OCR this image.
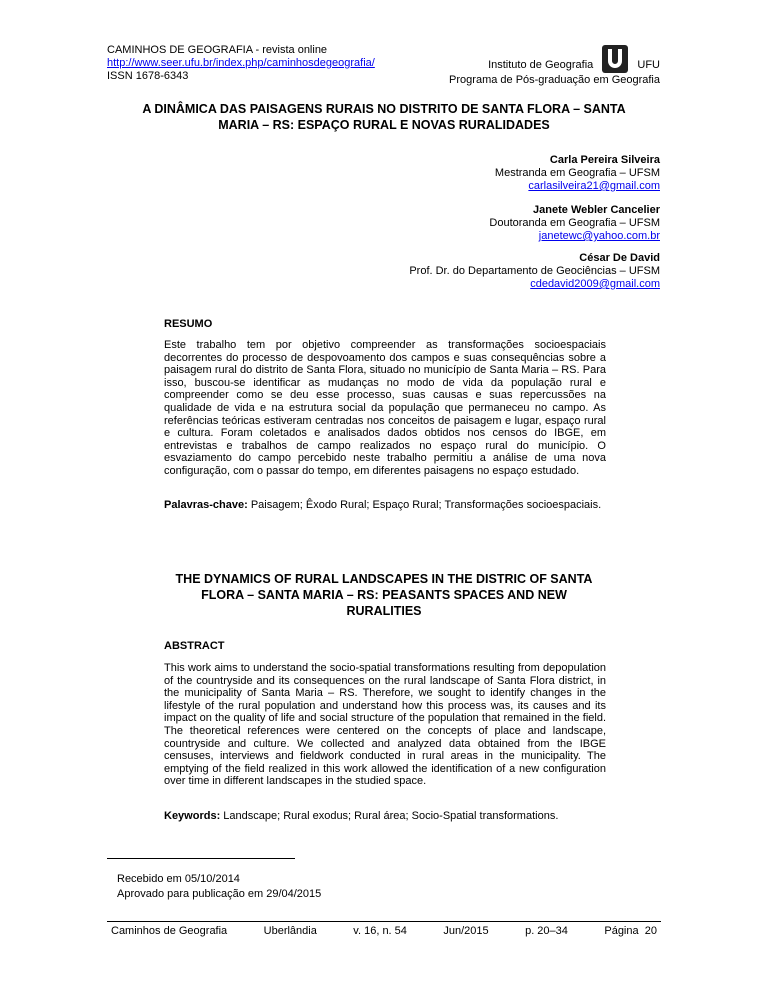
CAMINHOS DE GEOGRAFIA - revista online
http://www.seer.ufu.br/index.php/caminhosdegeografia/
ISSN 1678-6343
Instituto de Geografia	UFU
Programa de Pós-graduação em Geografia
A DINÂMICA DAS PAISAGENS RURAIS NO DISTRITO DE SANTA FLORA – SANTA
MARIA – RS: ESPAÇO RURAL E NOVAS RURALIDADES
Carla Pereira Silveira
Mestranda em Geografia – UFSM
carlasilveira21@gmail.com
Janete Webler Cancelier
Doutoranda em Geografia – UFSM
janetewc@yahoo.com.br
César De David
Prof. Dr. do Departamento de Geociências – UFSM
cdedavid2009@gmail.com
RESUMO
Este trabalho tem por objetivo compreender as transformações socioespaciais decorrentes do processo de despovoamento dos campos e suas consequências sobre a paisagem rural do distrito de Santa Flora, situado no município de Santa Maria – RS. Para isso, buscou-se identificar as mudanças no modo de vida da população rural e compreender como se deu esse processo, suas causas e suas repercussões na qualidade de vida e na estrutura social da população que permaneceu no campo. As referências teóricas estiveram centradas nos conceitos de paisagem e lugar, espaço rural e cultura. Foram coletados e analisados dados obtidos nos censos do IBGE, em entrevistas e trabalhos de campo realizados no espaço rural do município. O esvaziamento do campo percebido neste trabalho permitiu a análise de uma nova configuração, com o passar do tempo, em diferentes paisagens no espaço estudado.
Palavras-chave: Paisagem; Êxodo Rural; Espaço Rural; Transformações socioespaciais.
THE DYNAMICS OF RURAL LANDSCAPES IN THE DISTRIC OF SANTA
FLORA – SANTA MARIA – RS: PEASANTS SPACES AND NEW
RURALITIES
ABSTRACT
This work aims to understand the socio-spatial transformations resulting from depopulation of the countryside and its consequences on the rural landscape of Santa Flora district, in the municipality of Santa Maria – RS. Therefore, we sought to identify changes in the lifestyle of the rural population and understand how this process was, its causes and its impact on the quality of life and social structure of the population that remained in the field. The theoretical references were centered on the concepts of place and landscape, countryside and culture. We collected and analyzed data obtained from the IBGE censuses, interviews and fieldwork conducted in rural areas in the municipality. The emptying of the field realized in this work allowed the identification of a new configuration over time in different landscapes in the studied space.
Keywords: Landscape; Rural exodus; Rural área; Socio-Spatial transformations.
Recebido em 05/10/2014
Aprovado para publicação em 29/04/2015
Caminhos de Geografia	Uberlândia	v. 16, n. 54	Jun/2015	p. 20–34	Página  20
